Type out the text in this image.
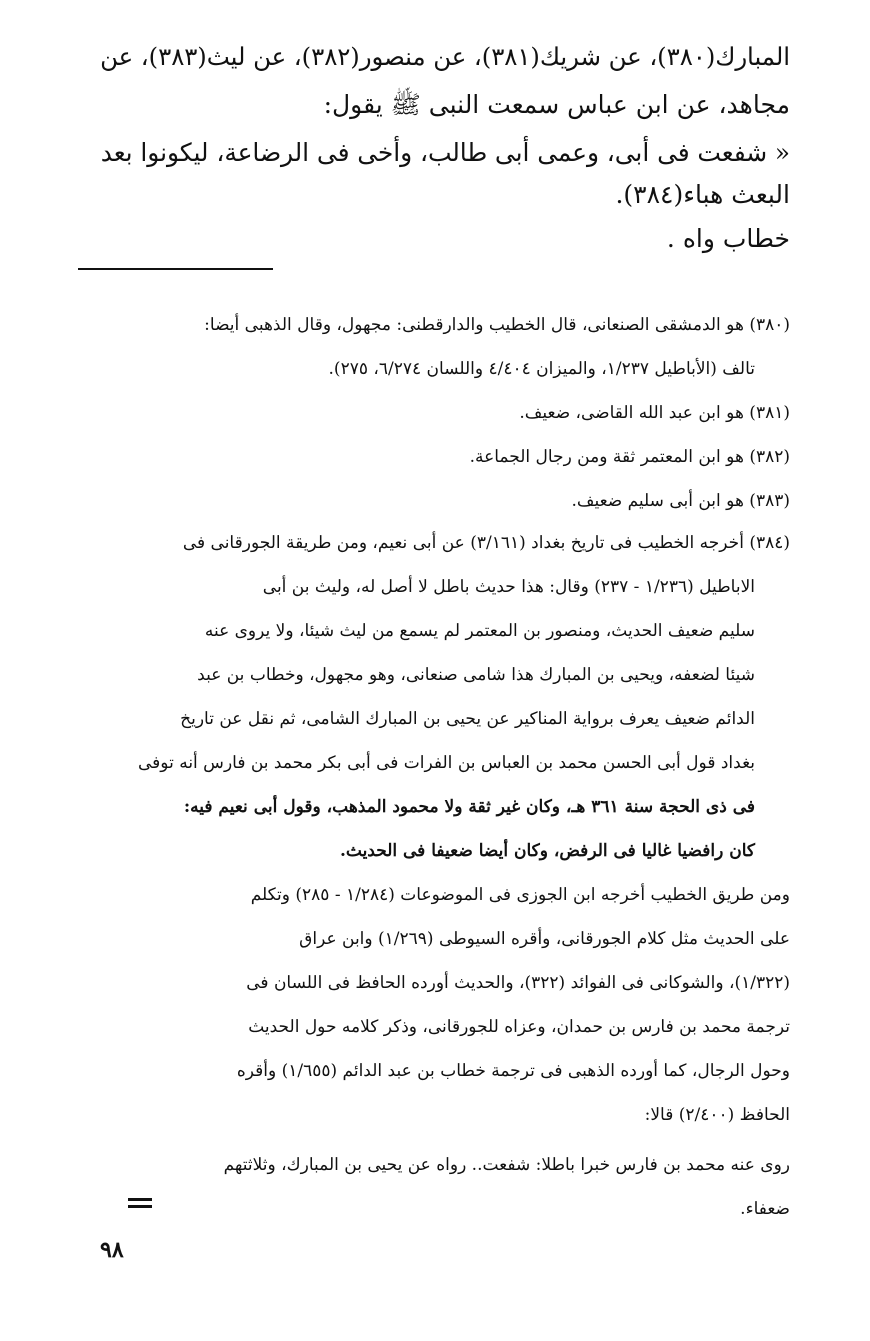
المبارك(٣٨٠)، عن شريك(٣٨١)، عن منصور(٣٨٢)، عن ليث(٣٨٣)، عن
مجاهد، عن ابن عباس سمعت النبى ﷺ يقول:
« شفعت فى أبى، وعمى أبى طالب، وأخى فى الرضاعة، ليكونوا بعد
البعث هباء(٣٨٤).
خطاب واه .
(٣٨٠) هو الدمشقى الصنعانى، قال الخطيب والدارقطنى: مجهول، وقال الذهبى أيضا:
تالف (الأباطيل ١/٢٣٧، والميزان ٤/٤٠٤ واللسان ٦/٢٧٤، ٢٧٥).
(٣٨١) هو ابن عبد الله القاضى، ضعيف.
(٣٨٢) هو ابن المعتمر ثقة ومن رجال الجماعة.
(٣٨٣) هو ابن أبى سليم ضعيف.
(٣٨٤) أخرجه الخطيب فى تاريخ بغداد (٣/١٦١) عن أبى نعيم، ومن طريقة الجورقانى فى
الاباطيل (١/٢٣٦ - ٢٣٧) وقال: هذا حديث باطل لا أصل له، وليث بن أبى
سليم ضعيف الحديث، ومنصور بن المعتمر لم يسمع من ليث شيئا، ولا يروى عنه
شيئا لضعفه، ويحيى بن المبارك هذا شامى صنعانى، وهو مجهول، وخطاب بن عبد
الدائم ضعيف يعرف برواية المناكير عن يحيى بن المبارك الشامى، ثم نقل عن تاريخ
بغداد قول أبى الحسن محمد بن العباس بن الفرات فى أبى بكر محمد بن فارس أنه توفى
فى ذى الحجة سنة ٣٦١ هـ، وكان غير ثقة ولا محمود المذهب، وقول أبى نعيم فيه:
كان رافضيا غاليا فى الرفض، وكان أيضا ضعيفا فى الحديث.
ومن طريق الخطيب أخرجه ابن الجوزى فى الموضوعات (١/٢٨٤ - ٢٨٥) وتكلم
على الحديث مثل كلام الجورقانى، وأقره السيوطى (١/٢٦٩) وابن عراق
(١/٣٢٢)، والشوكانى فى الفوائد (٣٢٢)، والحديث أورده الحافظ فى اللسان فى
ترجمة محمد بن فارس بن حمدان، وعزاه للجورقانى، وذكر كلامه حول الحديث
وحول الرجال، كما أورده الذهبى فى ترجمة خطاب بن عبد الدائم (١/٦٥٥) وأقره
الحافظ (٢/٤٠٠) قالا:
روى عنه محمد بن فارس خبرا باطلا: شفعت.. رواه عن يحيى بن المبارك، وثلاثتهم
ضعفاء.
٩٨
